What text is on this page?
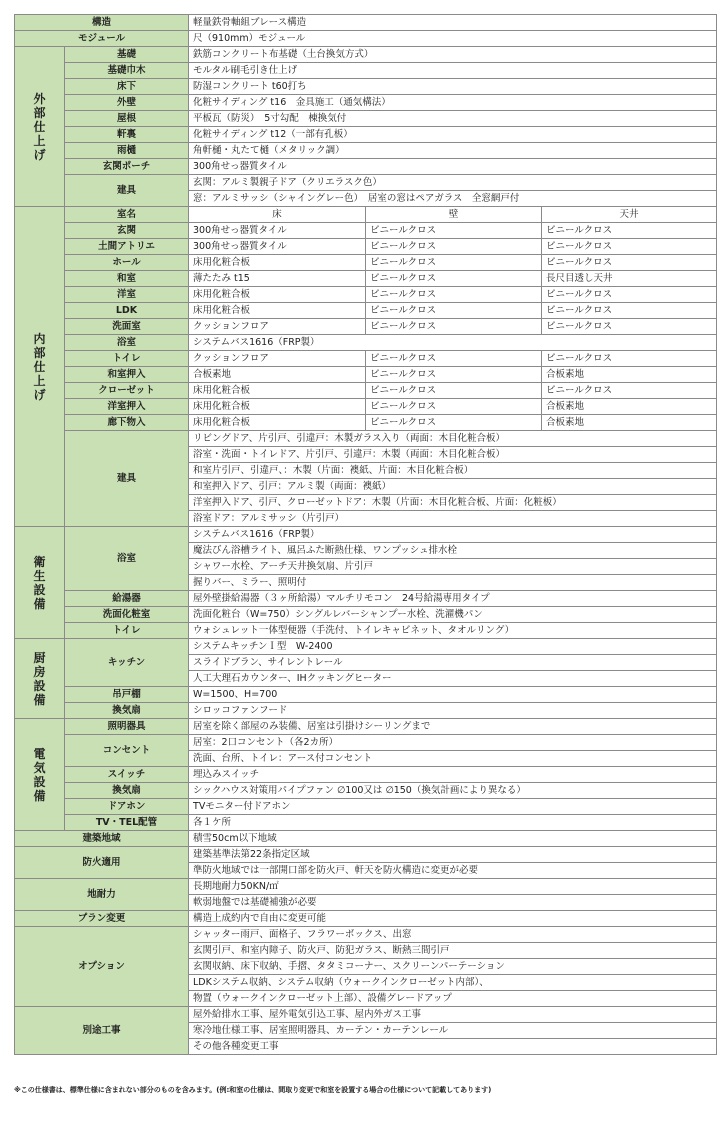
構造		軽量鉄骨軸組ブレース構造		
モジュール		尺（910mm）モジュール		
外部仕上げ	基礎	鉄筋コンクリート布基礎（土台換気方式）		
	基礎巾木	モルタル刷毛引き仕上げ		
	床下	防湿コンクリート t60打ち		
	外壁	化粧サイディング t16　金具施工（通気構法）		
	屋根	平板瓦（防災）　5寸勾配　棟換気付		
	軒裏	化粧サイディング t12（一部有孔板）		
	雨樋	角軒樋・丸たて樋（メタリック調）		
	玄関ポーチ	300角せっ器質タイル		
	建具	玄関：アルミ製親子ドア（クリエラスク色）		
		窓：アルミサッシ（シャイングレー色）　居室の窓はペアガラス　全窓網戸付		
内部仕上げ	室名	床	壁	天井
	玄関	300角せっ器質タイル	ビニールクロス	ビニールクロス
	土間アトリエ	300角せっ器質タイル	ビニールクロス	ビニールクロス
	ホール	床用化粧合板	ビニールクロス	ビニールクロス
	和室	薄たたみ t15	ビニールクロス	長尺目透し天井
	洋室	床用化粧合板	ビニールクロス	ビニールクロス
	LDK	床用化粧合板	ビニールクロス	ビニールクロス
	洗面室	クッションフロア	ビニールクロス	ビニールクロス
	浴室	システムバス1616（FRP製）		
	トイレ	クッションフロア	ビニールクロス	ビニールクロス
	和室押入	合板素地	ビニールクロス	合板素地
	クローゼット	床用化粧合板	ビニールクロス	ビニールクロス
	洋室押入	床用化粧合板	ビニールクロス	合板素地
	廊下物入	床用化粧合板	ビニールクロス	合板素地
	建具	リビングドア、片引戸、引違戸：木製ガラス入り（両面：木目化粧合板）		
		浴室・洗面・トイレドア、片引戸、引違戸：木製（両面：木目化粧合板）		
		和室片引戸、引違戸、：木製（片面：襖紙、片面：木目化粧合板）		
		和室押入ドア、引戸：アルミ製（両面：襖紙）		
		洋室押入ドア、引戸、クローゼットドア：木製（片面：木目化粧合板、片面：化粧板）		
		浴室ドア：アルミサッシ（片引戸）		
衛生設備	浴室	システムバス1616（FRP製）		
		魔法びん浴槽ライト、風呂ふた断熱仕様、ワンプッシュ排水栓		
		シャワー水栓、アーチ天井換気扇、片引戸		
		握りバー、ミラー、照明付		
	給湯器	屋外壁掛給湯器（３ヶ所給湯）マルチリモコン　24号給湯専用タイプ		
	洗面化粧室	洗面化粧台（W=750）シングルレバーシャンプー水栓、洗濯機パン		
	トイレ	ウォシュレット一体型便器（手洗付、トイレキャビネット、タオルリング）		
厨房設備	キッチン	システムキッチンＩ型　W-2400		
		スライドブラン、サイレントレール		
		人工大理石カウンター、IHクッキングヒーター		
	吊戸棚	W=1500、H=700		
	換気扇	シロッコファンフード		
電気設備	照明器具	居室を除く部屋のみ装備、居室は引掛けシーリングまで		
	コンセント	居室：2口コンセント（各2カ所）		
		洗面、台所、トイレ：アース付コンセント		
	スイッチ	埋込みスイッチ		
	換気扇	シックハウス対策用パイプファン ∅100又は ∅150（換気計画により異なる）		
	ドアホン	TVモニター付ドアホン		
	TV・TEL配管	各１ケ所		
建築地域		積雪50cm以下地域		
防火適用		建築基準法第22条指定区域		
		準防火地域では一部開口部を防火戸、軒天を防火構造に変更が必要		
地耐力		長期地耐力50KN/㎡		
		軟弱地盤では基礎補強が必要		
プラン変更		構造上成約内で自由に変更可能		
オプション		シャッター雨戸、面格子、フラワーボックス、出窓		
		玄関引戸、和室内障子、防火戸、防犯ガラス、断熱三間引戸		
		玄関収納、床下収納、手摺、タタミコーナー、スクリーンパーテーション		
		LDKシステム収納、システム収納（ウォークインクローゼット内部）、		
		物置（ウォークインクローゼット上部）、設備グレードアップ		
別途工事		屋外給排水工事、屋外電気引込工事、屋内外ガス工事		
		寒冷地仕様工事、居室照明器具、カーテン・カーテンレール		
		その他各種変更工事		
※この仕様書は、標準仕様に含まれない部分のものを含みます。(例:和室の仕様は、間取り変更で和室を設置する場合の仕様について記載してあります)
